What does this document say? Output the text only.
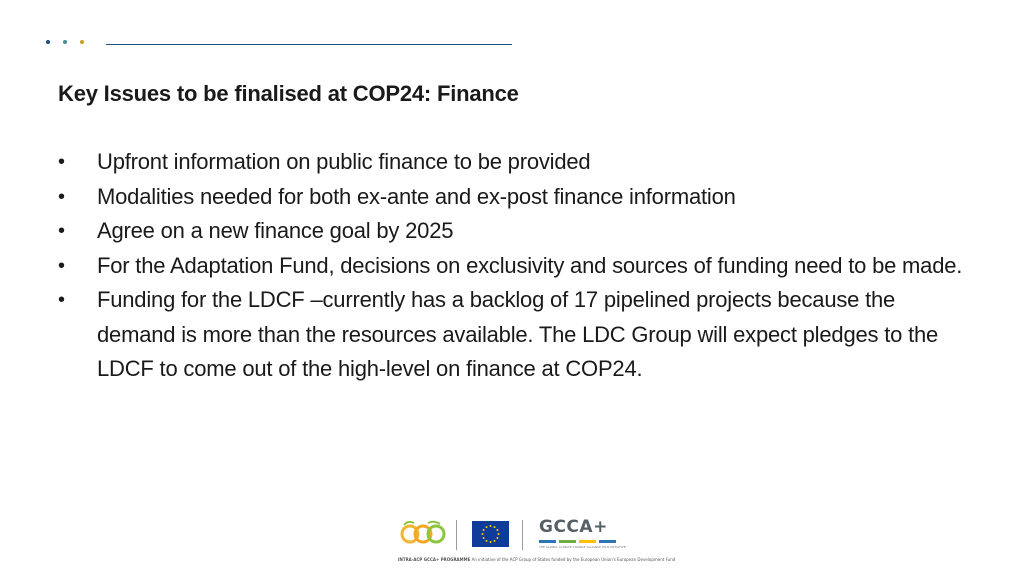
Key Issues to be finalised at COP24: Finance
•	Upfront information on public finance to be provided
•	Modalities needed for both ex-ante and ex-post finance information
•	Agree on a new finance goal by 2025
•	For the Adaptation Fund, decisions on exclusivity and sources of funding need to be made.
•	Funding for the LDCF –currently has a backlog of 17 pipelined projects because the demand is more than the resources available. The LDC Group will expect pledges to the LDCF to come out of the high-level on finance at COP24.
GCCA+
THE GLOBAL CLIMATE CHANGE ALLIANCE PLUS INITIATIVE
INTRA-ACP GCCA+ PROGRAMME An initiative of the ACP Group of States funded by the European Union's European Development Fund
